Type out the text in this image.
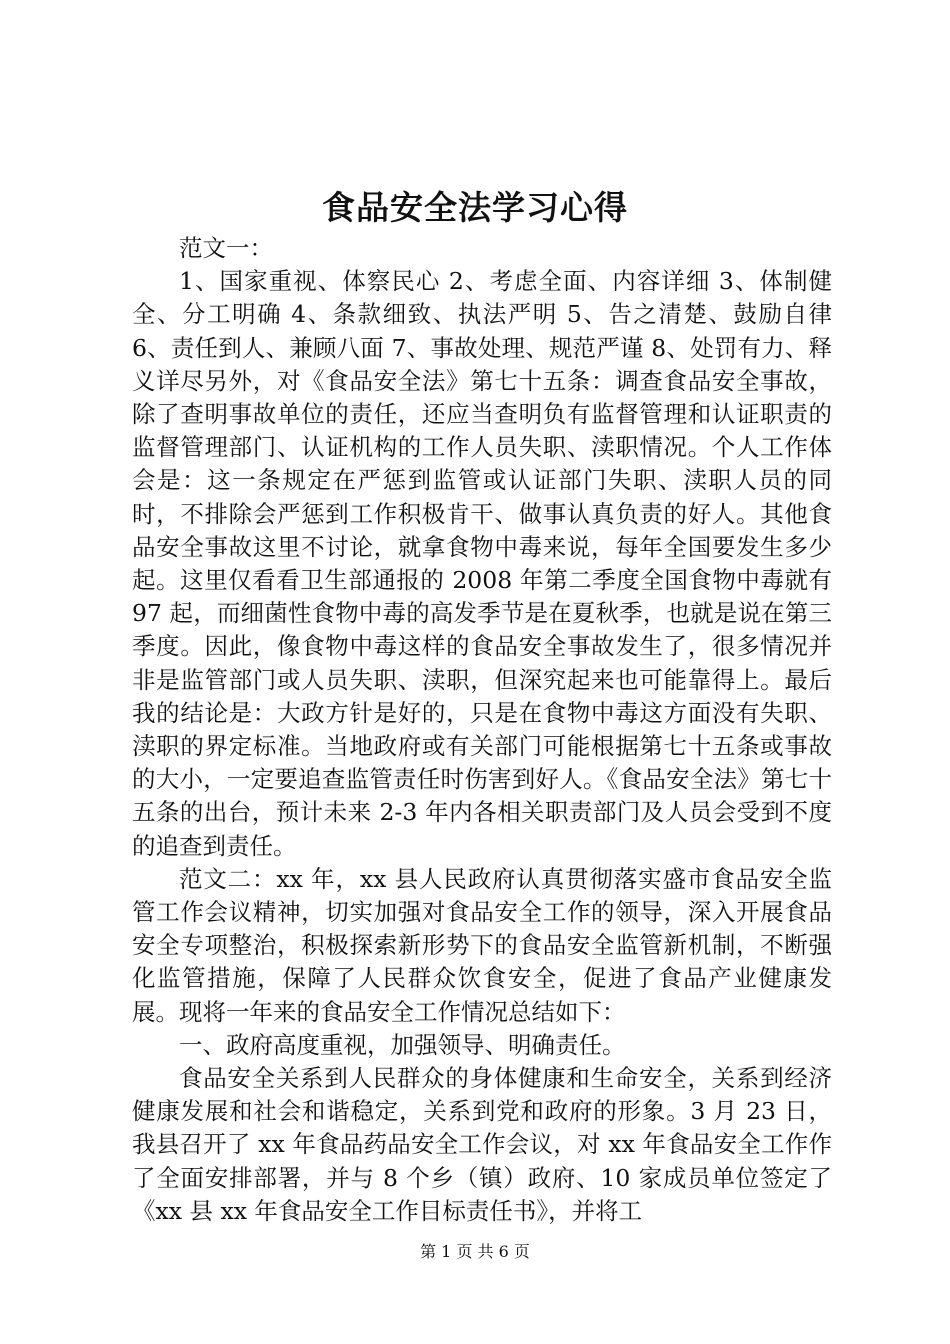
食品安全法学习心得

范文一：

1、国家重视、体察民心 2、考虑全面、内容详细 3、体制健全、分工明确 4、条款细致、执法严明 5、告之清楚、鼓励自律 6、责任到人、兼顾八面 7、事故处理、规范严谨 8、处罚有力、释义详尽另外，对《食品安全法》第七十五条：调查食品安全事故，除了查明事故单位的责任，还应当查明负有监督管理和认证职责的监督管理部门、认证机构的工作人员失职、渎职情况。个人工作体会是：这一条规定在严惩到监管或认证部门失职、渎职人员的同时，不排除会严惩到工作积极肯干、做事认真负责的好人。其他食品安全事故这里不讨论，就拿食物中毒来说，每年全国要发生多少起。这里仅看看卫生部通报的 2008 年第二季度全国食物中毒就有 97 起，而细菌性食物中毒的高发季节是在夏秋季，也就是说在第三季度。因此，像食物中毒这样的食品安全事故发生了，很多情况并非是监管部门或人员失职、渎职，但深究起来也可能靠得上。最后我的结论是：大政方针是好的，只是在食物中毒这方面没有失职、渎职的界定标准。当地政府或有关部门可能根据第七十五条或事故的大小，一定要追查监管责任时伤害到好人。《食品安全法》第七十五条的出台，预计未来 2-3 年内各相关职责部门及人员会受到不度的追查到责任。

范文二：xx 年，xx 县人民政府认真贯彻落实盛市食品安全监管工作会议精神，切实加强对食品安全工作的领导，深入开展食品安全专项整治，积极探索新形势下的食品安全监管新机制，不断强化监管措施，保障了人民群众饮食安全，促进了食品产业健康发展。现将一年来的食品安全工作情况总结如下：

一、政府高度重视，加强领导、明确责任。

食品安全关系到人民群众的身体健康和生命安全，关系到经济健康发展和社会和谐稳定，关系到党和政府的形象。3 月 23 日，我县召开了 xx 年食品药品安全工作会议，对 xx 年食品安全工作作了全面安排部署，并与 8 个乡（镇）政府、10 家成员单位签定了《xx 县 xx 年食品安全工作目标责任书》，并将工

第 1 页 共 6 页
